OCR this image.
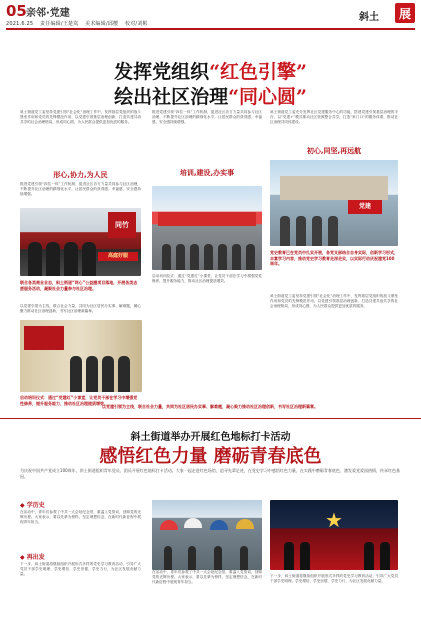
05 亲邻·党建
2021.6.25 责任编辑/王楚岚 美术编辑/邱樱 校对/刘彬
斜土	展
发挥党组织“红色引擎”
绘出社区治理“同心圆”
斜土街道党工委坚持党建引领“社会化”治理工作中，发挥基层党组织的战斗堡垒作用和党员的先锋模范作用，以党建引领基层治理创新，打造共建共治共享的社会治理格局，形成同心圆，为人民群众提供更加优质的服务。
形心,协力,为人民
推进党建引领“四位一体”工作机制，促进社区各方力量共同参与社区治理，不断提升社区治理的精细化水平，让居民群众的获得感、幸福感、安全感持续增强。
同竹
高庭好服
联合各类商业业态，斜土街道“同心”公益圈项目落地，开展各类志愿服务活动，凝聚社会力量参与社区治理。
推进党建引领“四位一体”工作机制，促进社区各方力量共同参与社区治理，不断提升社区治理的精细化水平，让居民群众的获得感、幸福感、安全感持续增强。
培训,建设,办实事
启动培训仪式：通过“党建红”小课堂，让党员干部在学习中增强党性修养，提升服务能力，推动社区治理提质增效。
斜土街道党工委充分发挥社区党建服务中心的功能，搭建党建引领基层治理的平台，以“党建+”模式推动社区资源整合共享，打造“家门口”的服务体系，推动社区治理共同体建设。
初心,同坚,再远航
党建
党史教育已在党员中扎实开展，各党支部结合自身实际，创新学习形式，丰富学习内容，推动党史学习教育走深走实，以实际行动庆祝建党100周年。
斜土街道党工委坚持党建引领“社会化”治理工作中，发挥基层党组织的战斗堡垒作用和党员的先锋模范作用，以党建引领基层治理创新，打造共建共治共享的社会治理格局，形成同心圆，为人民群众提供更加优质的服务。
以党建引领为主线，联合社会力量，共同为社区居民办实事、解难题，凝心聚力推动社区治理创新，书写社区治理新篇章。
启动培训仪式：通过“党建红”小课堂，让党员干部在学习中增强党性修养，提升服务能力，推动社区治理提质增效。
以党建引领为主线，联合社会力量，共同为社区居民办实事、解难题，凝心聚力推动社区治理创新，书写社区治理新篇章。
斜土街道举办开展红色地标打卡活动
感悟红色力量 磨砺青春底色
为庆祝中国共产党成立100周年，斜土街道组织青年党员、团员开展红色地标打卡活动。大家一起走进红色场馆，追寻先辈足迹，在党史学习中感悟红色力量，在实践中磨砺青春底色，激发爱党爱国热情，传承红色基因。
◆ 学历史
在活动中，青年们参观了中共一大会址纪念馆，重温入党誓词，回顾党的光辉历程。大家表示，要以先辈为榜样，坚定理想信念，在新时代新征程中展现青年担当。
◆ 再出发
下一步，斜土街道将继续组织开展形式多样的党史学习教育活动，引导广大党员干部学史明理、学史增信、学史崇德、学史力行，为社区发展贡献力量。
在活动中，青年们参观了中共一大会址纪念馆，重温入党誓词，回顾党的光辉历程。大家表示，要以先辈为榜样，坚定理想信念，在新时代新征程中展现青年担当。
★
下一步，斜土街道将继续组织开展形式多样的党史学习教育活动，引导广大党员干部学史明理、学史增信、学史崇德、学史力行，为社区发展贡献力量。
